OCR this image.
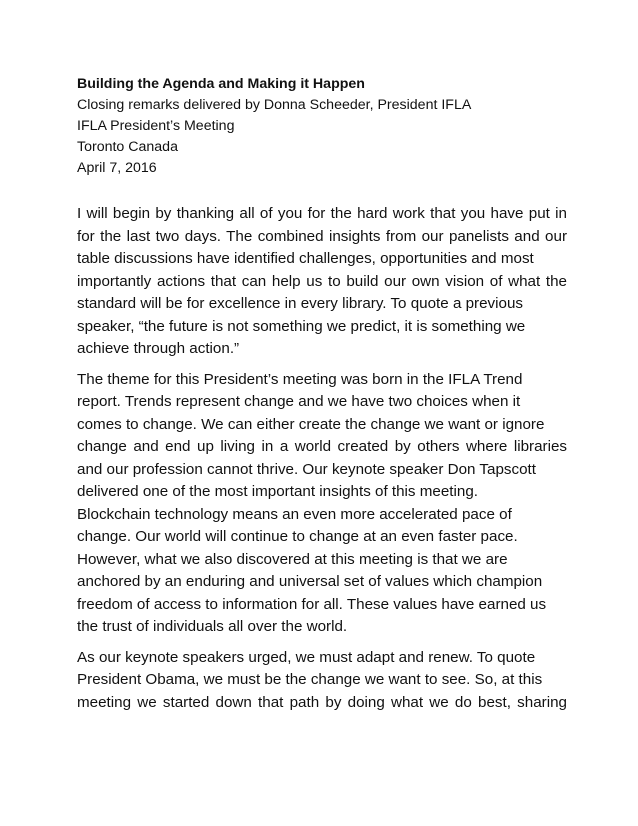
Building the Agenda and Making it Happen
Closing remarks delivered by Donna Scheeder, President IFLA
IFLA President’s Meeting
Toronto Canada
April 7, 2016
I will begin by thanking all of you for the hard work that you have put in
for the last two days. The combined insights from our panelists and our
table discussions have identified challenges, opportunities and most
importantly actions that can help us to build our own vision of what the
standard will be for excellence in every library. To quote a previous
speaker, “the future is not something we predict, it is something we
achieve through action.”
The theme for this President’s meeting was born in the IFLA Trend
report. Trends represent change and we have two choices when it
comes to change. We can either create the change we want or ignore
change and end up living in a world created by others where libraries
and our profession cannot thrive. Our keynote speaker Don Tapscott
delivered one of the most important insights of this meeting.
Blockchain technology means an even more accelerated pace of
change. Our world will continue to change at an even faster pace.
However, what we also discovered at this meeting is that we are
anchored by an enduring and universal set of values which champion
freedom of access to information for all. These values have earned us
the trust of individuals all over the world.
As our keynote speakers urged, we must adapt and renew. To quote
President Obama, we must be the change we want to see. So, at this
meeting we started down that path by doing what we do best, sharing
